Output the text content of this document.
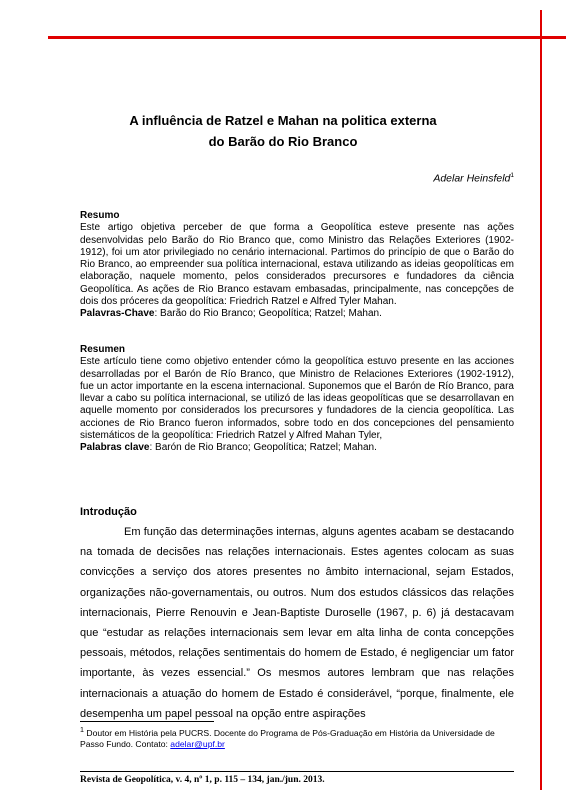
A influência de Ratzel e Mahan na politica externa
do Barão do Rio Branco
Adelar Heinsfeld$^1$
Resumo

Este artigo objetiva perceber de que forma a Geopolítica esteve presente nas ações desenvolvidas pelo Barão do Rio Branco que, como Ministro das Relações Exteriores (1902-1912), foi um ator privilegiado no cenário internacional. Partimos do princípio de que o Barão do Rio Branco, ao empreender sua política internacional, estava utilizando as ideias geopolíticas em elaboração, naquele momento, pelos considerados precursores e fundadores da ciência Geopolítica. As ações de Rio Branco estavam embasadas, principalmente, nas concepções de dois dos próceres da geopolítica: Friedrich Ratzel e Alfred Tyler Mahan.

Palavras-Chave: Barão do Rio Branco; Geopolítica; Ratzel; Mahan.

Resumen

Este artículo tiene como objetivo entender cómo la geopolítica estuvo presente en las acciones desarrolladas por el Barón de Río Branco, que Ministro de Relaciones Exteriores (1902-1912), fue un actor importante en la escena internacional. Suponemos que el Barón de Río Branco, para llevar a cabo su política internacional, se utilizó de las ideas geopolíticas que se desarrollavan en aquelle momento por considerados los precursores y fundadores de la ciencia geopolítica. Las acciones de Rio Branco fueron informados, sobre todo en dos concepciones del pensamiento sistemáticos de la geopolítica: Friedrich Ratzel y Alfred Mahan Tyler,

Palabras clave: Barón de Rio Branco; Geopolítica; Ratzel; Mahan.

Introdução

Em função das determinações internas, alguns agentes acabam se destacando na tomada de decisões nas relações internacionais. Estes agentes colocam as suas convicções a serviço dos atores presentes no âmbito internacional, sejam Estados, organizações não-governamentais, ou outros. Num dos estudos clássicos das relações internacionais, Pierre Renouvin e Jean-Baptiste Duroselle (1967, p. 6) já destacavam que “estudar as relações internacionais sem levar em alta linha de conta concepções pessoais, métodos, relações sentimentais do homem de Estado, é negligenciar um fator importante, às vezes essencial.” Os mesmos autores lembram que nas relações internacionais a atuação do homem de Estado é considerável, “porque, finalmente, ele desempenha um papel pessoal na opção entre aspirações

$^1$ Doutor em História pela PUCRS. Docente do Programa de Pós-Graduação em História da Universidade de Passo Fundo. Contato: adelar@upf.br

Revista de Geopolítica, v. 4, nº 1, p. 115 – 134, jan./jun. 2013.
